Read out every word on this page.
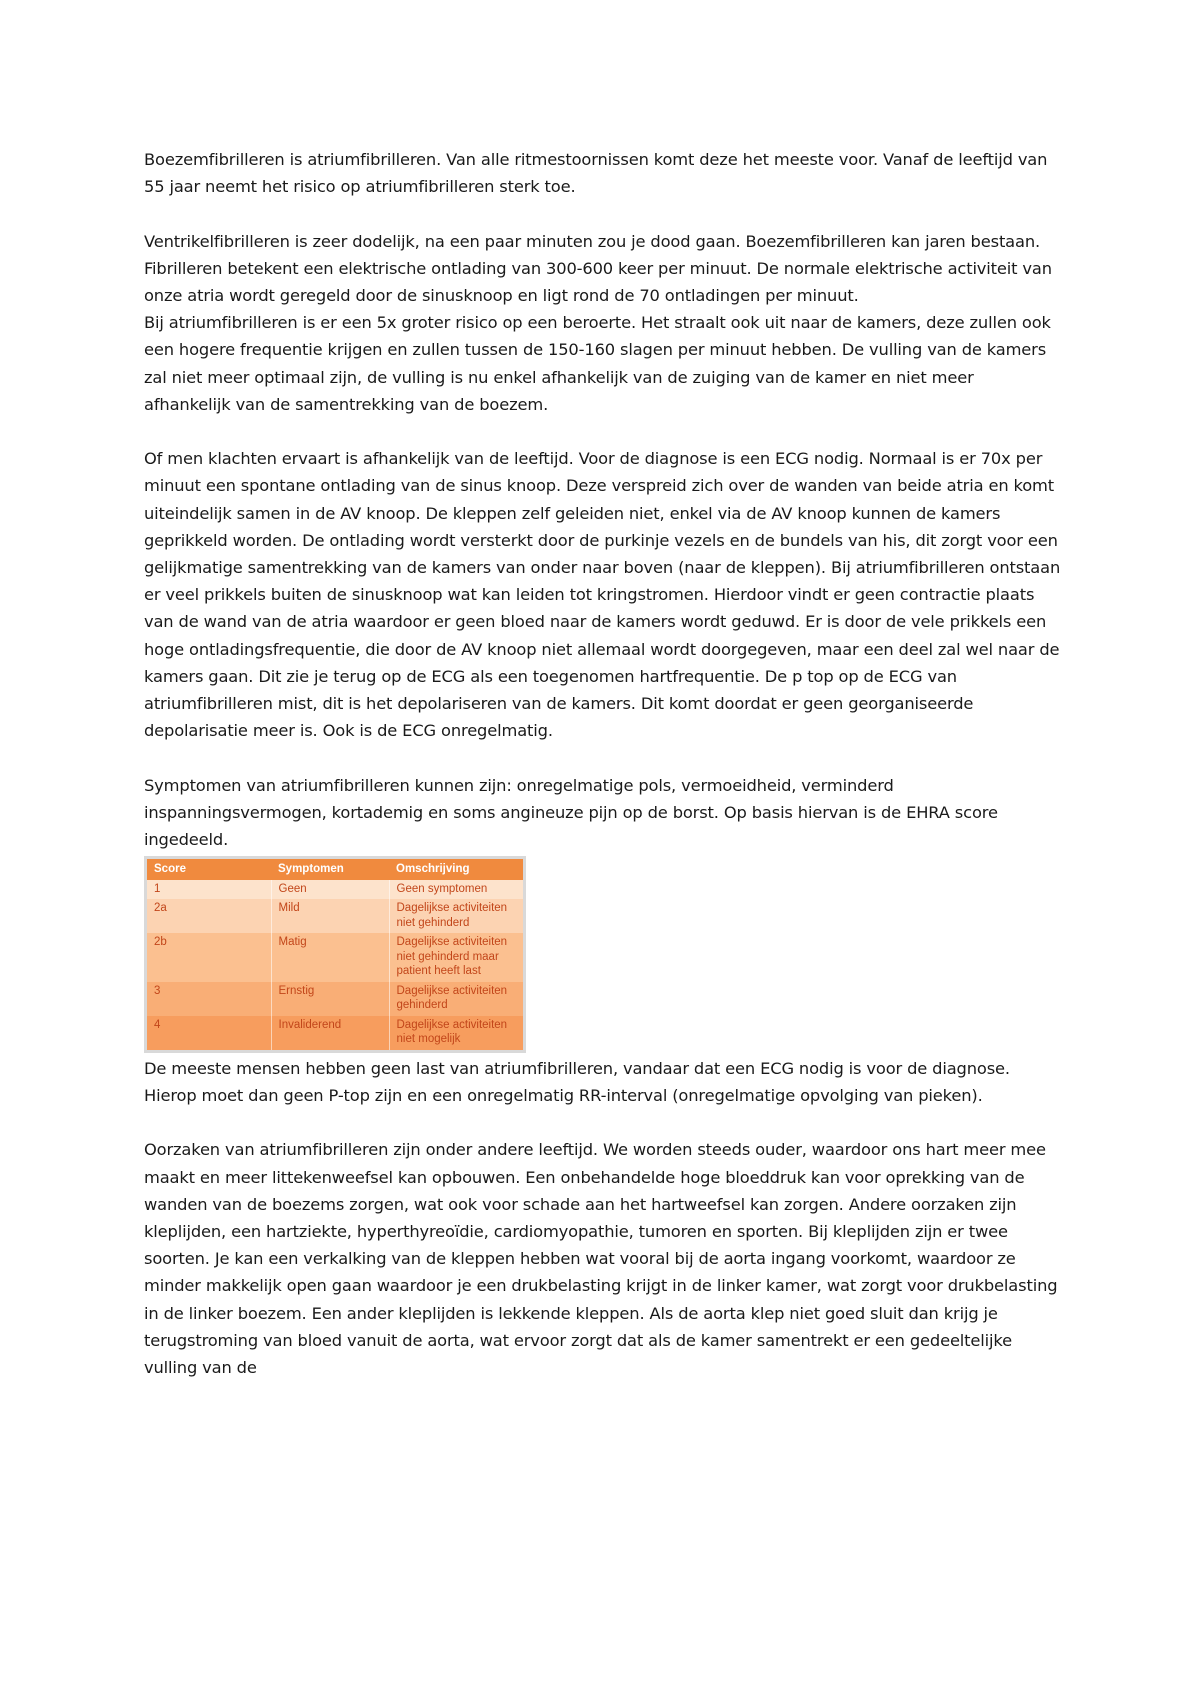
Boezemfibrilleren is atriumfibrilleren. Van alle ritmestoornissen komt deze het meeste voor. Vanaf de leeftijd van 55 jaar neemt het risico op atriumfibrilleren sterk toe.

Ventrikelfibrilleren is zeer dodelijk, na een paar minuten zou je dood gaan. Boezemfibrilleren kan jaren bestaan.

Fibrilleren betekent een elektrische ontlading van 300-600 keer per minuut. De normale elektrische activiteit van onze atria wordt geregeld door de sinusknoop en ligt rond de 70 ontladingen per minuut.

Bij atriumfibrilleren is er een 5x groter risico op een beroerte. Het straalt ook uit naar de kamers, deze zullen ook een hogere frequentie krijgen en zullen tussen de 150-160 slagen per minuut hebben. De vulling van de kamers zal niet meer optimaal zijn, de vulling is nu enkel afhankelijk van de zuiging van de kamer en niet meer afhankelijk van de samentrekking van de boezem.

Of men klachten ervaart is afhankelijk van de leeftijd. Voor de diagnose is een ECG nodig. Normaal is er 70x per minuut een spontane ontlading van de sinus knoop. Deze verspreid zich over de wanden van beide atria en komt uiteindelijk samen in de AV knoop. De kleppen zelf geleiden niet, enkel via de AV knoop kunnen de kamers geprikkeld worden. De ontlading wordt versterkt door de purkinje vezels en de bundels van his, dit zorgt voor een gelijkmatige samentrekking van de kamers van onder naar boven (naar de kleppen). Bij atriumfibrilleren ontstaan er veel prikkels buiten de sinusknoop wat kan leiden tot kringstromen. Hierdoor vindt er geen contractie plaats van de wand van de atria waardoor er geen bloed naar de kamers wordt geduwd. Er is door de vele prikkels een hoge ontladingsfrequentie, die door de AV knoop niet allemaal wordt doorgegeven, maar een deel zal wel naar de kamers gaan. Dit zie je terug op de ECG als een toegenomen hartfrequentie. De p top op de ECG van atriumfibrilleren mist, dit is het depolariseren van de kamers. Dit komt doordat er geen georganiseerde depolarisatie meer is. Ook is de ECG onregelmatig.

Symptomen van atriumfibrilleren kunnen zijn: onregelmatige pols, vermoeidheid, verminderd inspanningsvermogen, kortademig en soms angineuze pijn op de borst. Op basis hiervan is de EHRA score ingedeeld.

Score	Symptomen	Omschrijving
1	Geen	Geen symptomen
2a	Mild	Dagelijkse activiteiten niet gehinderd
2b	Matig	Dagelijkse activiteiten niet gehinderd maar patient heeft last
3	Ernstig	Dagelijkse activiteiten gehinderd
4	Invaliderend	Dagelijkse activiteiten niet mogelijk

De meeste mensen hebben geen last van atriumfibrilleren, vandaar dat een ECG nodig is voor de diagnose. Hierop moet dan geen P-top zijn en een onregelmatig RR-interval (onregelmatige opvolging van pieken).

Oorzaken van atriumfibrilleren zijn onder andere leeftijd. We worden steeds ouder, waardoor ons hart meer mee maakt en meer littekenweefsel kan opbouwen. Een onbehandelde hoge bloeddruk kan voor oprekking van de wanden van de boezems zorgen, wat ook voor schade aan het hartweefsel kan zorgen. Andere oorzaken zijn kleplijden, een hartziekte, hyperthyreoïdie, cardiomyopathie, tumoren en sporten. Bij kleplijden zijn er twee soorten. Je kan een verkalking van de kleppen hebben wat vooral bij de aorta ingang voorkomt, waardoor ze minder makkelijk open gaan waardoor je een drukbelasting krijgt in de linker kamer, wat zorgt voor drukbelasting in de linker boezem. Een ander kleplijden is lekkende kleppen. Als de aorta klep niet goed sluit dan krijg je terugstroming van bloed vanuit de aorta, wat ervoor zorgt dat als de kamer samentrekt er een gedeeltelijke vulling van de
